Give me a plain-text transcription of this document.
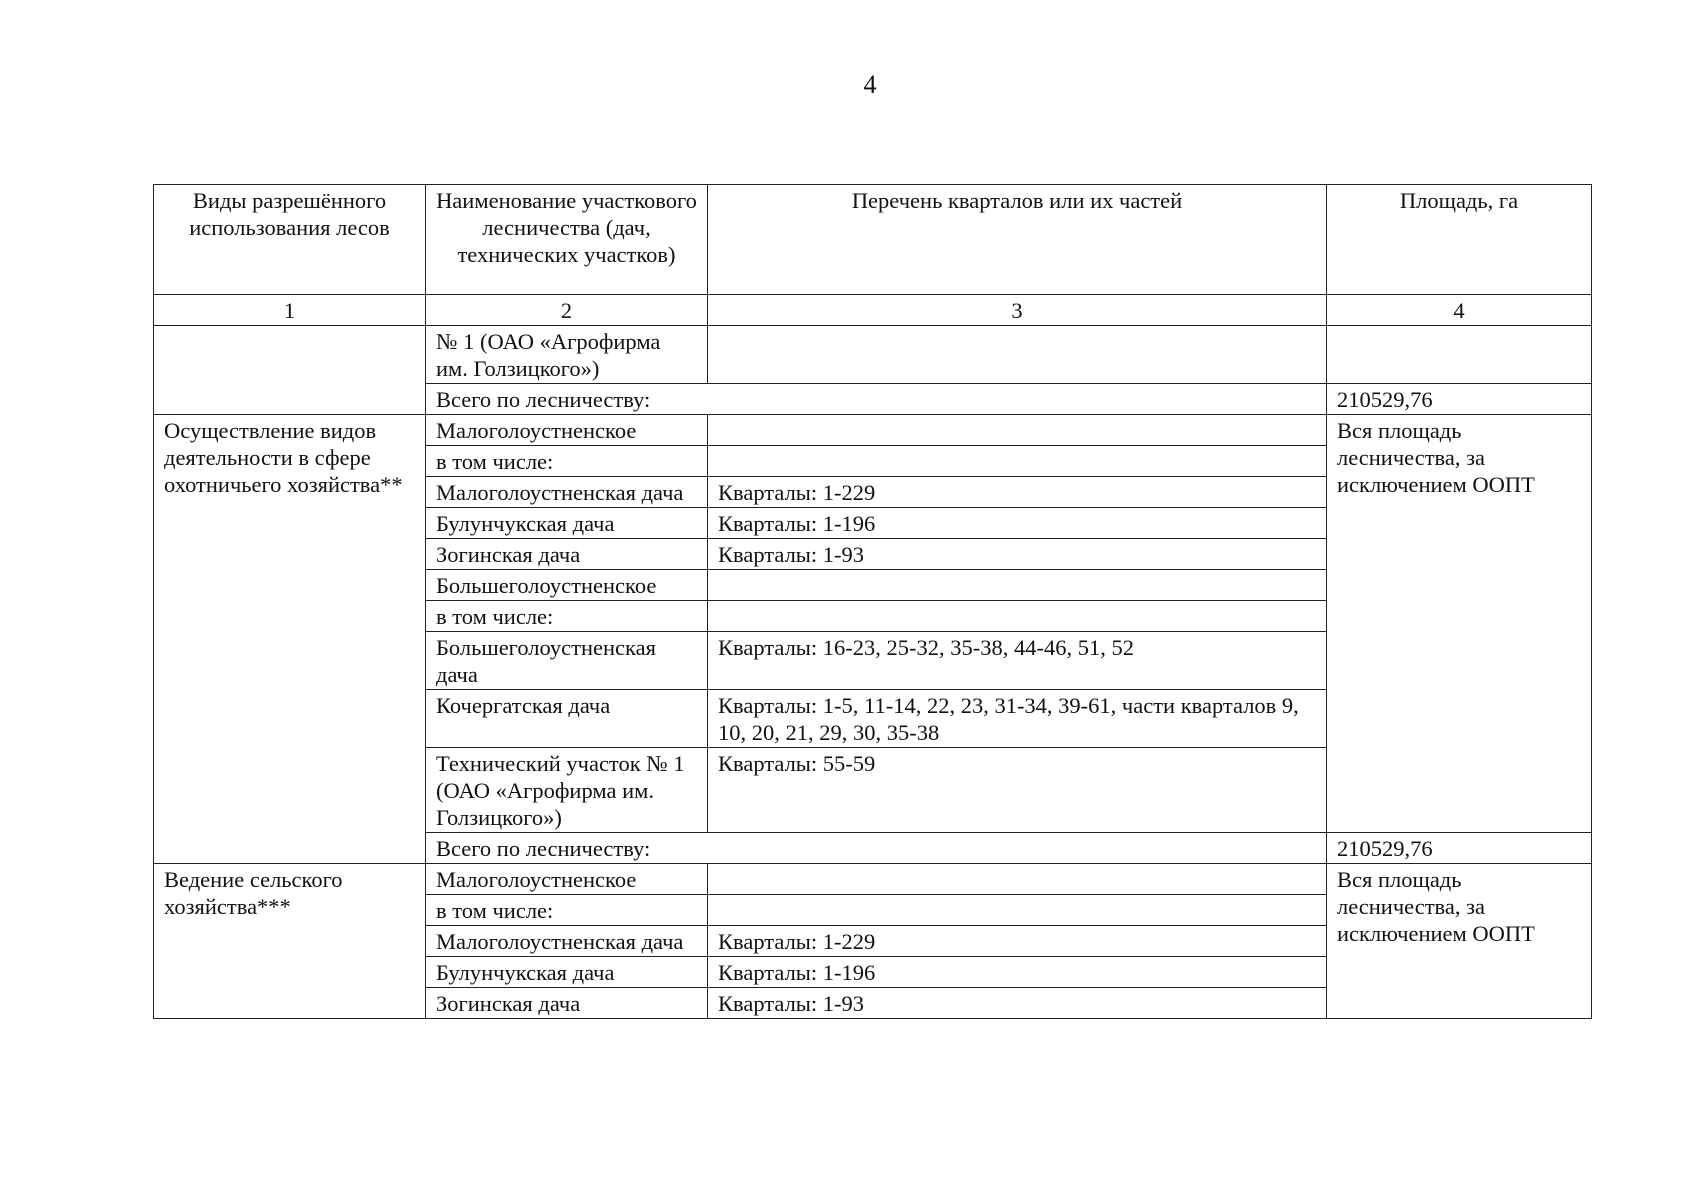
4
Виды разрешённого использования лесов	Наименование участкового лесничества (дач, технических участков)	Перечень кварталов или их частей	Площадь, га
1	2	3	4
	№ 1 (ОАО «Агрофирма им. Голзицкого»)		
	Всего по лесничеству:		210529,76
Осуществление видов деятельности в сфере охотничьего хозяйства**	Малоголоустненское		Вся площадь лесничества, за исключением ООПТ
	в том числе:		
	Малоголоустненская дача	Кварталы: 1-229	
	Булунчукская дача	Кварталы: 1-196	
	Зогинская дача	Кварталы: 1-93	
	Большеголоустненское		
	в том числе:		
	Большеголоустненская дача	Кварталы: 16-23, 25-32, 35-38, 44-46, 51, 52	
	Кочергатская дача	Кварталы: 1-5, 11-14, 22, 23, 31-34, 39-61, части кварталов 9, 10, 20, 21, 29, 30, 35-38	
	Технический участок № 1 (ОАО «Агрофирма им. Голзицкого»)	Кварталы: 55-59	
	Всего по лесничеству:		210529,76
Ведение сельского хозяйства***	Малоголоустненское		Вся площадь лесничества, за исключением ООПТ
	в том числе:		
	Малоголоустненская дача	Кварталы: 1-229	
	Булунчукская дача	Кварталы: 1-196	
	Зогинская дача	Кварталы: 1-93	
